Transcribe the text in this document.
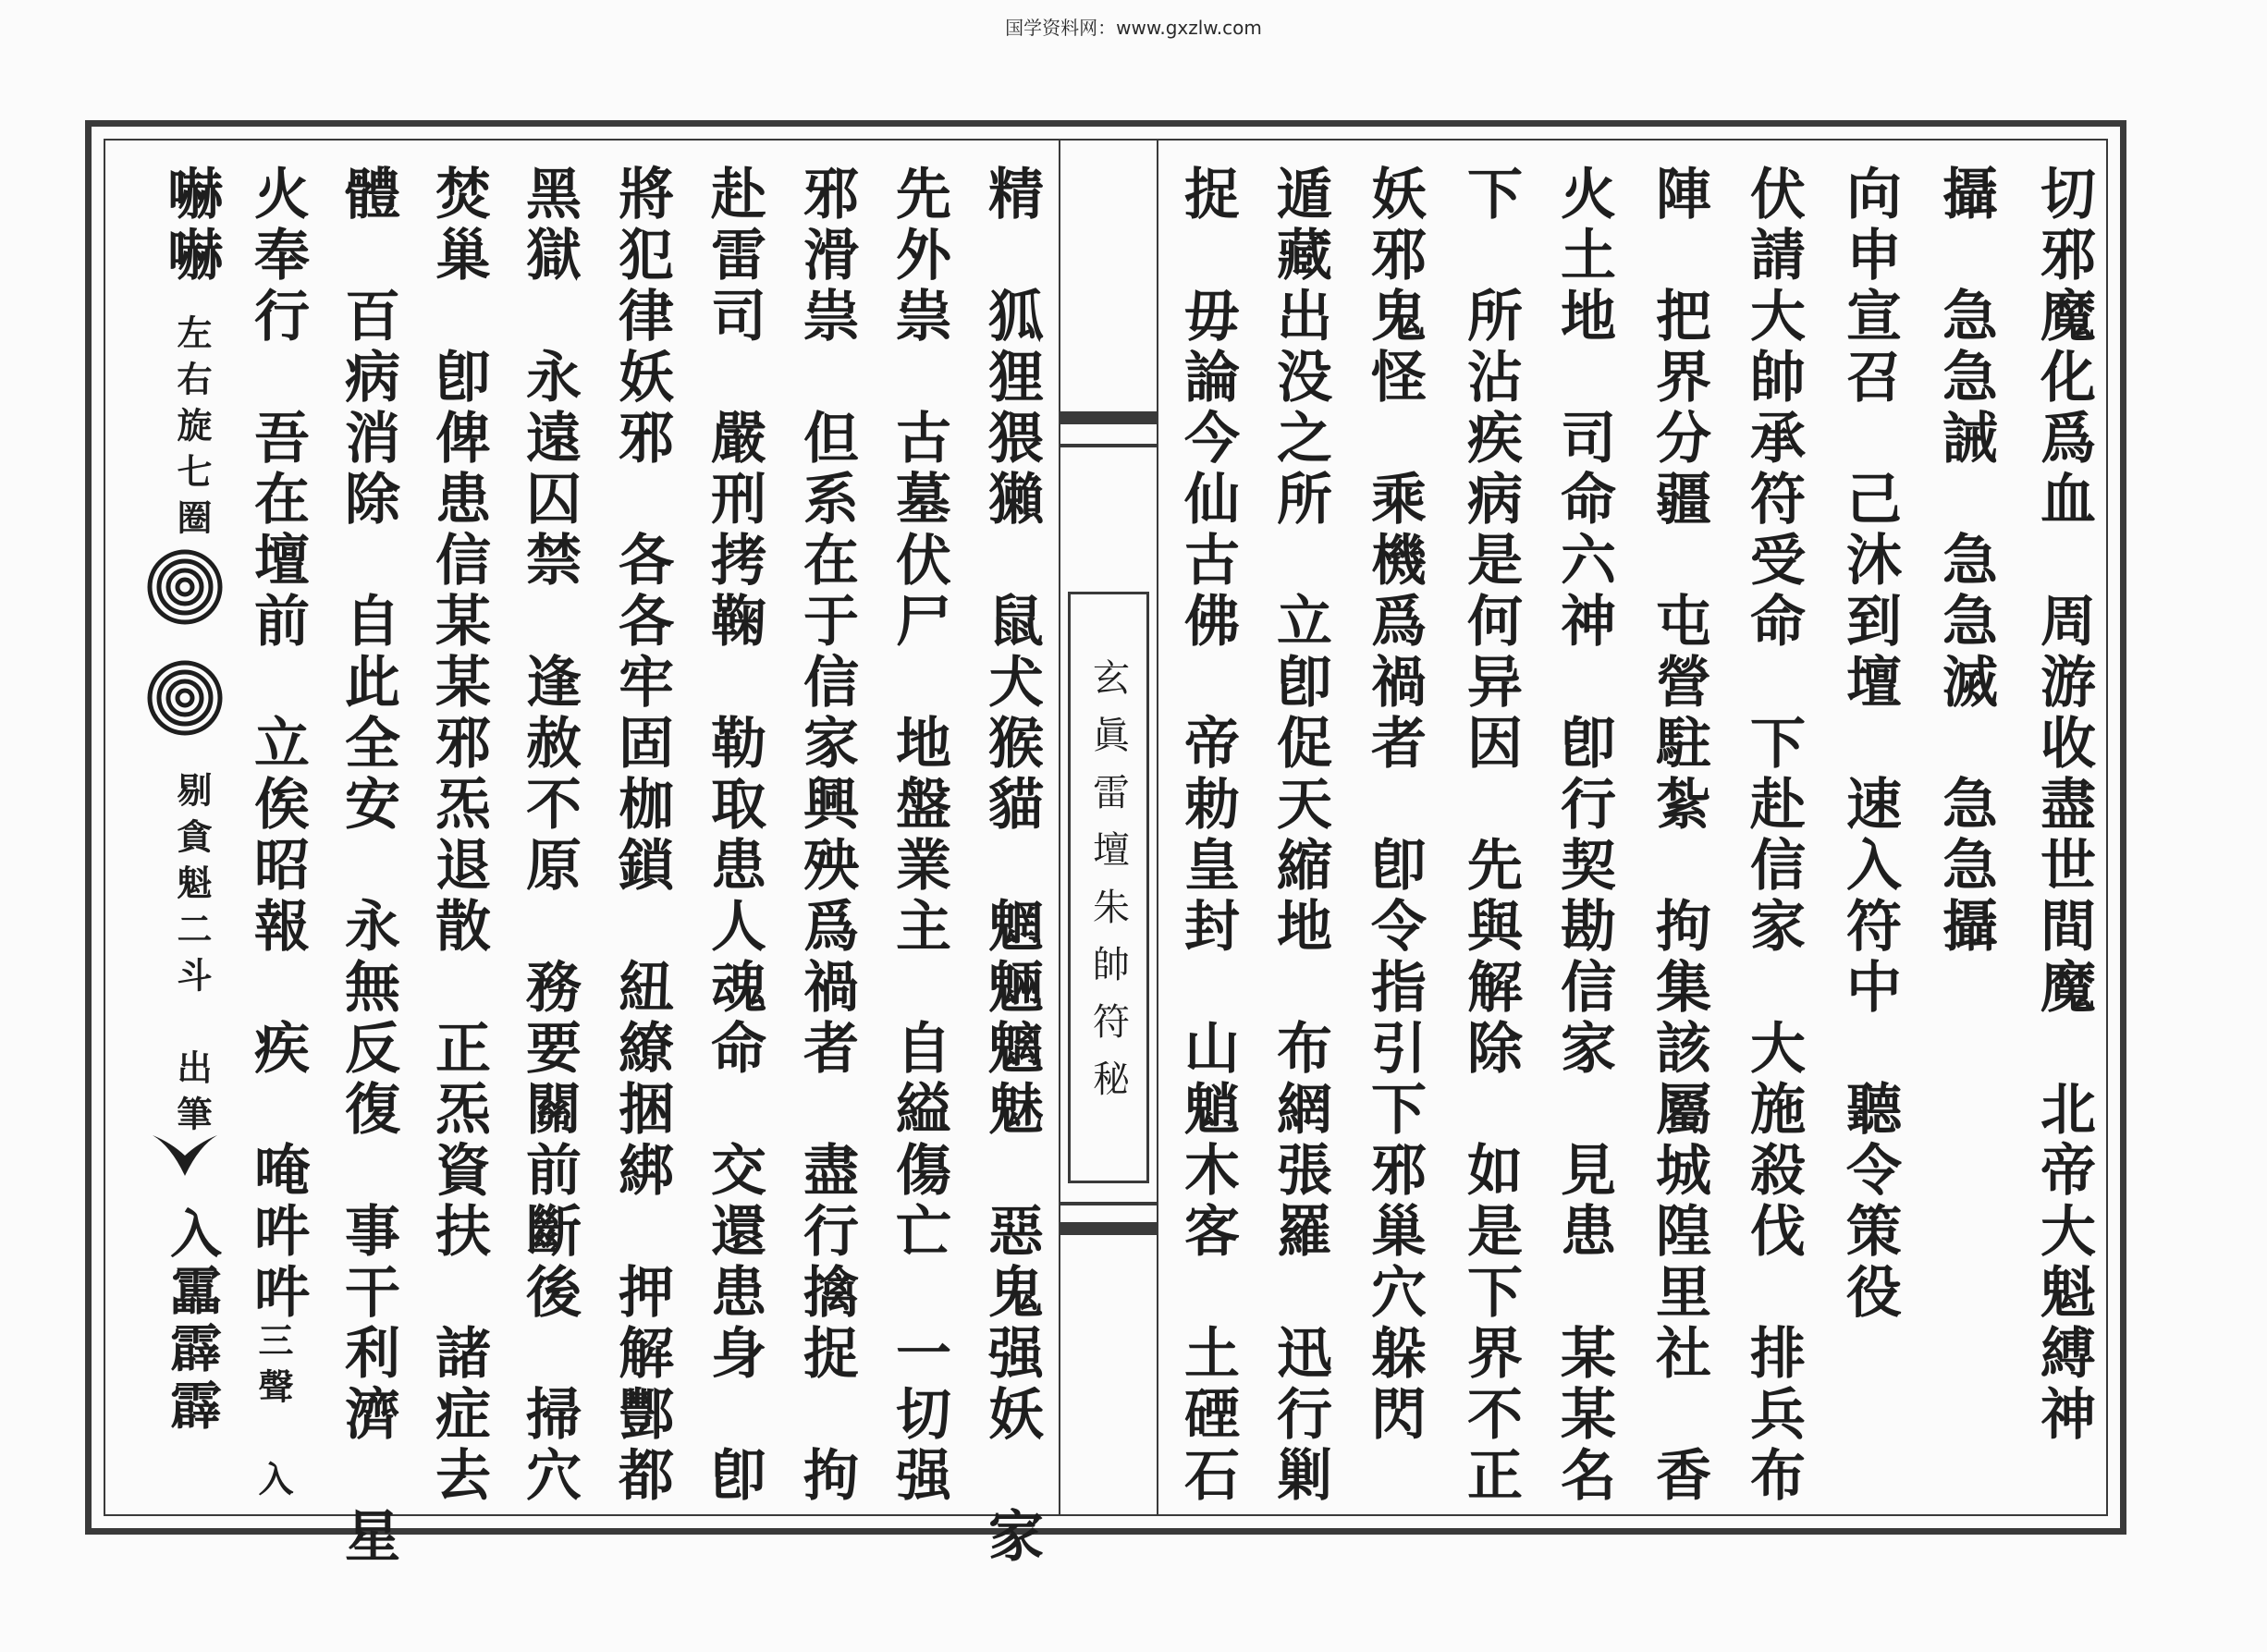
国学资料网：www.gxzlw.com
玄眞雷壇朱帥符秘	切邪魔化爲血　周游收盡世間魔　北帝大魁縛神
攝　急急誡　急急滅　急急攝
向申宣召　己沐到壇　速入符中　聽令策役
伏請大帥承符受命　下赴信家　大施殺伐　排兵布
陣　把界分疆　屯營駐紮　拘集該屬城隍里社　香
火土地　司命六神　卽行契勘信家　見患　某某名
下　所沾疾病是何异因　先與解除　如是下界不正
妖邪鬼怪　乘機爲禍者　卽令指引下邪巢穴躲閃
遁藏出没之所　立卽促天縮地　布網張羅　迅行剿
捉　毋論今仙古佛　帝勅皇封　山魈木客　土䃌石
精　狐狸猥獺　鼠犬猴貓　魍魎魑魅　惡鬼强妖　家
先外祟　古墓伏尸　地盤業主　自縊傷亡　一切强
邪滑祟　但系在于信家興殃爲禍者　盡行擒捉　拘
赴雷司　嚴刑拷鞠　勒取患人魂命　交還患身　卽
將犯律妖邪　各各牢固枷鎖　紐繚捆綁　押解酆都
黑獄　永遠囚禁　逢赦不原　務要關前斷後　掃穴
焚巢　卽俾患信某某邪炁退散　正炁資扶　諸症去
體　百病消除　自此全安　永無反復　事干利濟　星
火奉行　吾在壇前　立俟昭報　疾　唵吽吽
嚇嚇
左右旋七圈
剔貪魁二斗　出筆
入靁霹霹 三聲　入
